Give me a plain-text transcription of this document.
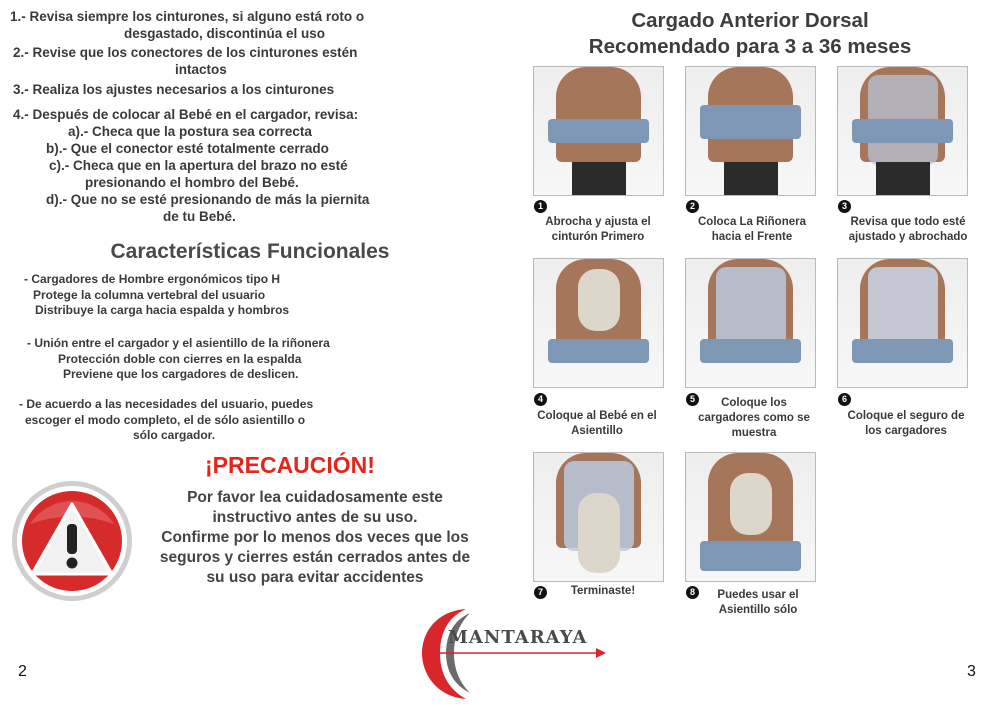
1.- Revisa siempre los cinturones, si alguno está roto o
desgastado, discontinúa el uso
2.- Revise que los conectores de los cinturones estén
intactos
3.- Realiza los ajustes necesarios a los cinturones
4.- Después de colocar al Bebé en el cargador, revisa:
a).- Checa que la postura sea correcta
b).- Que el conector esté totalmente cerrado
c).- Checa que en la apertura del brazo no esté
presionando el hombro del Bebé.
d).- Que no se esté presionando de más la piernita
de tu Bebé.
Características Funcionales
- Cargadores de Hombre ergonómicos tipo H
Protege la columna vertebral del usuario
Distribuye la carga hacia espalda y hombros
- Unión entre el cargador y el asientillo de la riñonera
Protección doble con cierres en la espalda
Previene que los cargadores de deslicen.
- De acuerdo a las necesidades del usuario, puedes
escoger el modo completo, el de sólo asientillo o
sólo cargador.
¡PRECAUCIÓN!
Por favor lea cuidadosamente este
instructivo antes de su uso.
Confirme por lo menos dos veces que los
seguros y cierres están cerrados antes de
su uso para evitar accidentes
MANTARAYA
Cargado Anterior Dorsal
Recomendado para 3 a 36 meses
1
Abrocha y ajusta el
cinturón Primero
2
Coloca La Riñonera
hacia el Frente
3
Revisa que todo esté
ajustado y abrochado
4
Coloque al Bebé en el
Asientillo
5	Coloque los
cargadores como se
muestra
6
Coloque el seguro de
los cargadores
7	Terminaste!	8	Puedes usar el
Asientillo sólo
2	3
